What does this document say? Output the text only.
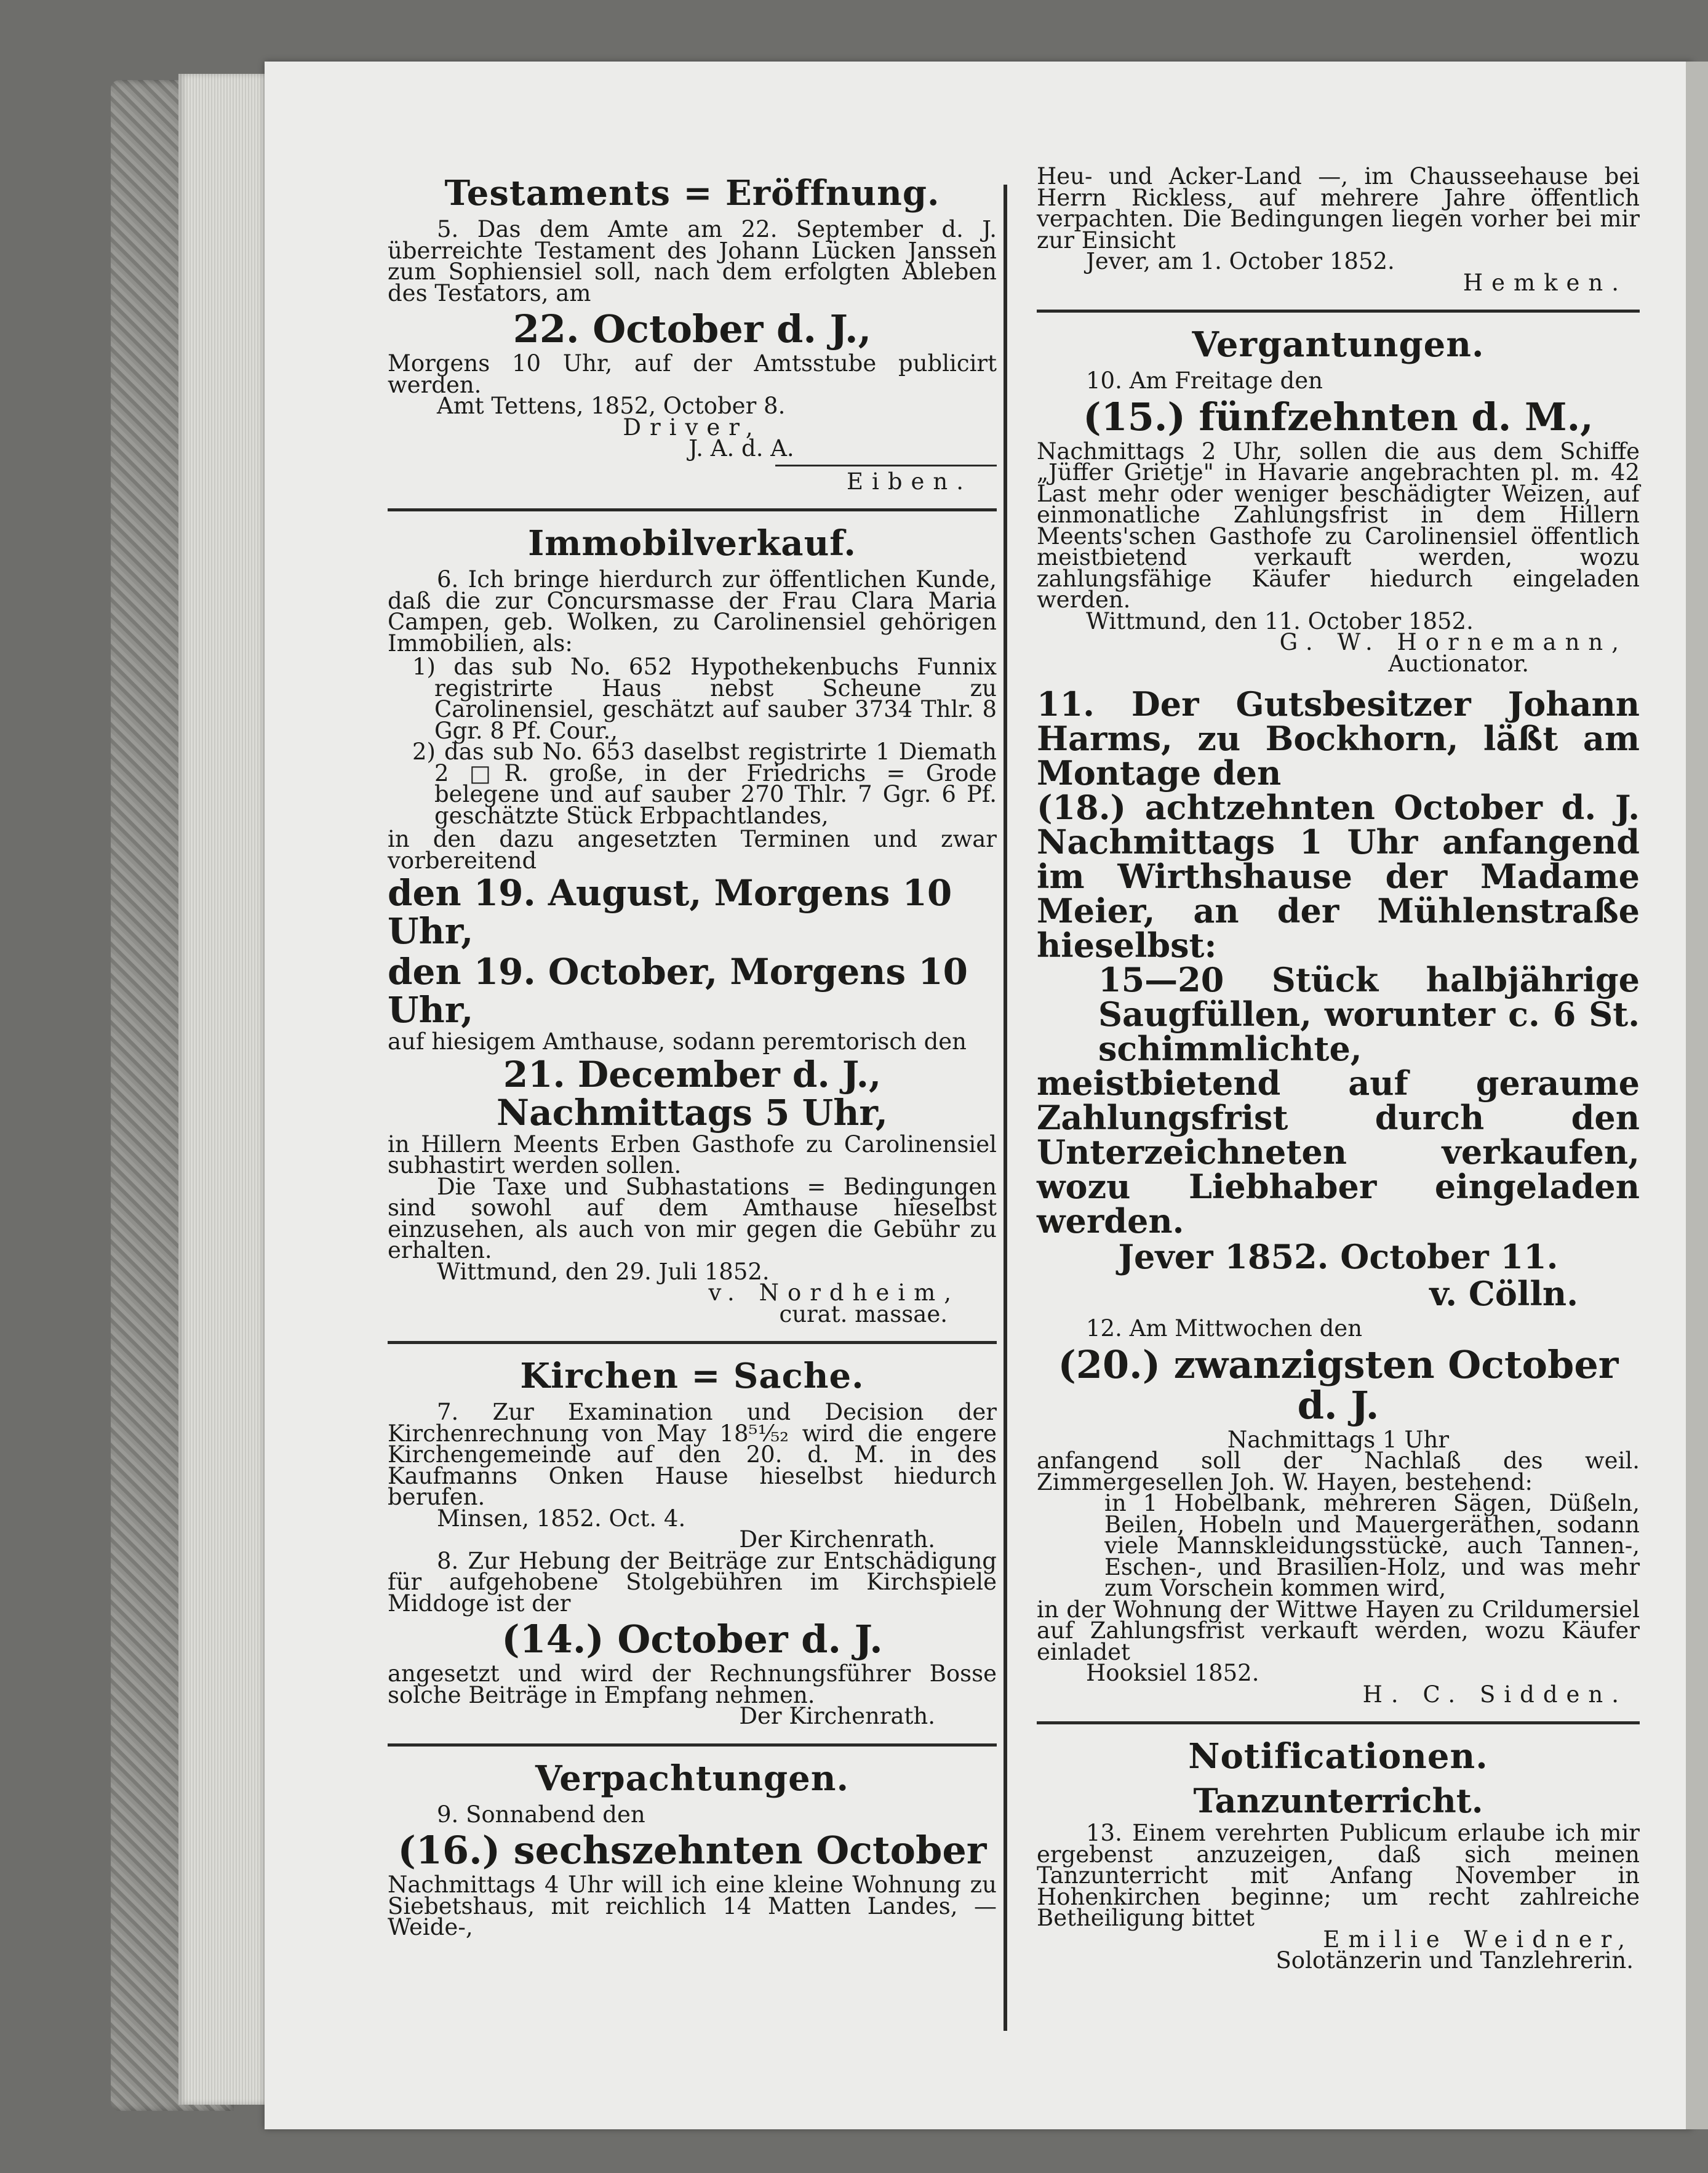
Testaments = Eröffnung.

5. Das dem Amte am 22. September d. J. überreichte Testament des Johann Lücken Janssen zum Sophiensiel soll, nach dem erfolgten Ableben des Testators, am

22. October d. J.,

Morgens 10 Uhr, auf der Amtsstube publicirt werden.

Amt Tettens, 1852, October 8.

Driver,

J. A. d. A.

Eiben.

Immobilverkauf.

6. Ich bringe hierdurch zur öffentlichen Kunde, daß die zur Concursmasse der Frau Clara Maria Campen, geb. Wolken, zu Carolinensiel gehörigen Immobilien, als:

1) das sub No. 652 Hypothekenbuchs Funnix registrirte Haus nebst Scheune zu Carolinensiel, geschätzt auf sauber 3734 Thlr. 8 Ggr. 8 Pf. Cour.,

2) das sub No. 653 daselbst registrirte 1 Diemath 2 □R. große, in der Friedrichs = Grode belegene und auf sauber 270 Thlr. 7 Ggr. 6 Pf. geschätzte Stück Erbpachtlandes,

in den dazu angesetzten Terminen und zwar vorbereitend

den 19. August, Morgens 10 Uhr,
den 19. October, Morgens 10 Uhr,

auf hiesigem Amthause, sodann peremtorisch den

21. December d. J., Nachmittags 5 Uhr,

in Hillern Meents Erben Gasthofe zu Carolinensiel subhastirt werden sollen.

Die Taxe und Subhastations = Bedingungen sind sowohl auf dem Amthause hieselbst einzusehen, als auch von mir gegen die Gebühr zu erhalten.

Wittmund, den 29. Juli 1852.

v. Nordheim,

curat. massae.

Kirchen = Sache.

7. Zur Examination und Decision der Kirchenrechnung von May 18⁵¹⁄₅₂ wird die engere Kirchengemeinde auf den 20. d. M. in des Kaufmanns Onken Hause hieselbst hiedurch berufen.

Minsen, 1852. Oct. 4.

Der Kirchenrath.

8. Zur Hebung der Beiträge zur Entschädigung für aufgehobene Stolgebühren im Kirchspiele Middoge ist der

(14.) October d. J.

angesetzt und wird der Rechnungsführer Bosse solche Beiträge in Empfang nehmen.

Der Kirchenrath.

Verpachtungen.

9. Sonnabend den

(16.) sechszehnten October

Nachmittags 4 Uhr will ich eine kleine Wohnung zu Siebetshaus, mit reichlich 14 Matten Landes, — Weide-,

Heu- und Acker-Land —, im Chausseehause bei Herrn Rickless, auf mehrere Jahre öffentlich verpachten. Die Bedingungen liegen vorher bei mir zur Einsicht

Jever, am 1. October 1852.

Hemken.

Vergantungen.

10. Am Freitage den

(15.) fünfzehnten d. M.,

Nachmittags 2 Uhr, sollen die aus dem Schiffe „Jüffer Grietje" in Havarie angebrachten pl. m. 42 Last mehr oder weniger beschädigter Weizen, auf einmonatliche Zahlungsfrist in dem Hillern Meents'schen Gasthofe zu Carolinensiel öffentlich meistbietend verkauft werden, wozu zahlungsfähige Käufer hiedurch eingeladen werden.

Wittmund, den 11. October 1852.

G. W. Hornemann,

Auctionator.

11. Der Gutsbesitzer Johann Harms, zu Bockhorn, läßt am Montage den

(18.) achtzehnten October d. J. Nachmittags 1 Uhr anfangend im Wirthshause der Madame Meier, an der Mühlenstraße hieselbst:

15—20 Stück halbjährige Saugfüllen, worunter c. 6 St. schimmlichte,

meistbietend auf geraume Zahlungsfrist durch den Unterzeichneten verkaufen, wozu Liebhaber eingeladen werden.

Jever 1852. October 11.

v. Cölln.

12. Am Mittwochen den

(20.) zwanzigsten October d. J.

Nachmittags 1 Uhr

anfangend soll der Nachlaß des weil. Zimmergesellen Joh. W. Hayen, bestehend:

in 1 Hobelbank, mehreren Sägen, Düßeln, Beilen, Hobeln und Mauergeräthen, sodann viele Mannskleidungsstücke, auch Tannen-, Eschen-, und Brasilien-Holz, und was mehr zum Vorschein kommen wird,

in der Wohnung der Wittwe Hayen zu Crildumersiel auf Zahlungsfrist verkauft werden, wozu Käufer einladet

Hooksiel 1852.

H. C. Sidden.

Notificationen.
Tanzunterricht.

13. Einem verehrten Publicum erlaube ich mir ergebenst anzuzeigen, daß sich meinen Tanzunterricht mit Anfang November in Hohenkirchen beginne; um recht zahlreiche Betheiligung bittet

Emilie Weidner,

Solotänzerin und Tanzlehrerin.
